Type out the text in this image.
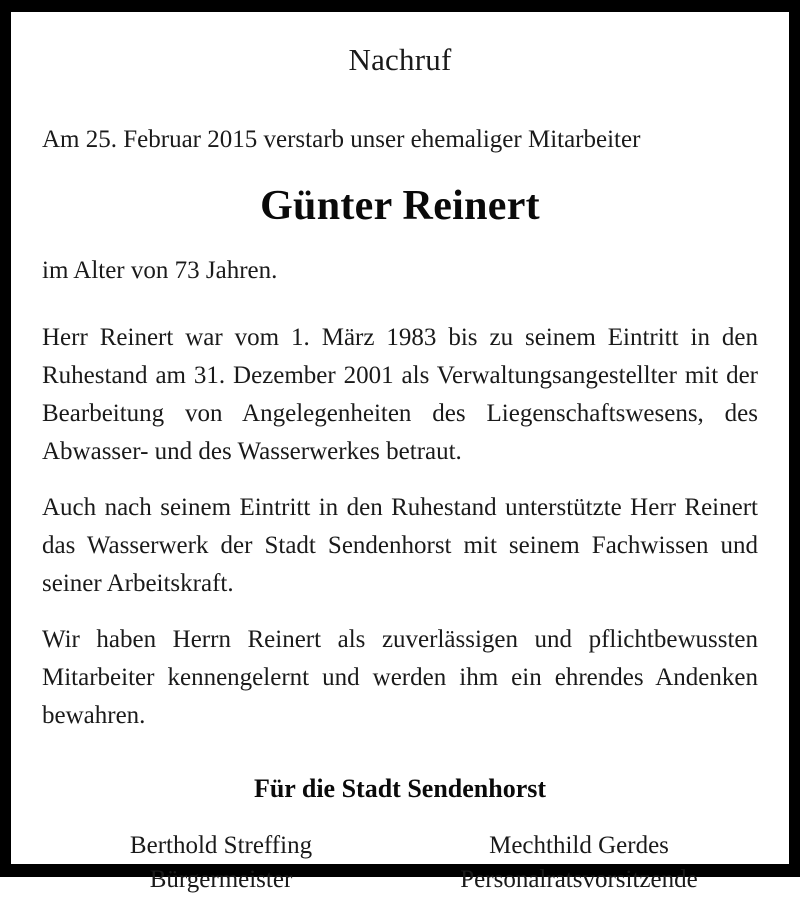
Nachruf

Am 25. Februar 2015 verstarb unser ehemaliger Mitarbeiter

Günter Reinert

im Alter von 73 Jahren.

Herr Reinert war vom 1. März 1983 bis zu seinem Eintritt in den Ruhestand am 31. Dezember 2001 als Verwaltungsangestellter mit der Bearbeitung von Angelegenheiten des Liegenschaftswesens, des Abwasser- und des Wasserwerkes betraut.

Auch nach seinem Eintritt in den Ruhestand unterstützte Herr Reinert das Wasserwerk der Stadt Sendenhorst mit seinem Fachwissen und seiner Arbeitskraft.

Wir haben Herrn Reinert als zuverlässigen und pflichtbewussten Mitarbeiter kennengelernt und werden ihm ein ehrendes Andenken bewahren.

Für die Stadt Sendenhorst

Berthold Streffing
Bürgermeister
Mechthild Gerdes
Personalratsvorsitzende
